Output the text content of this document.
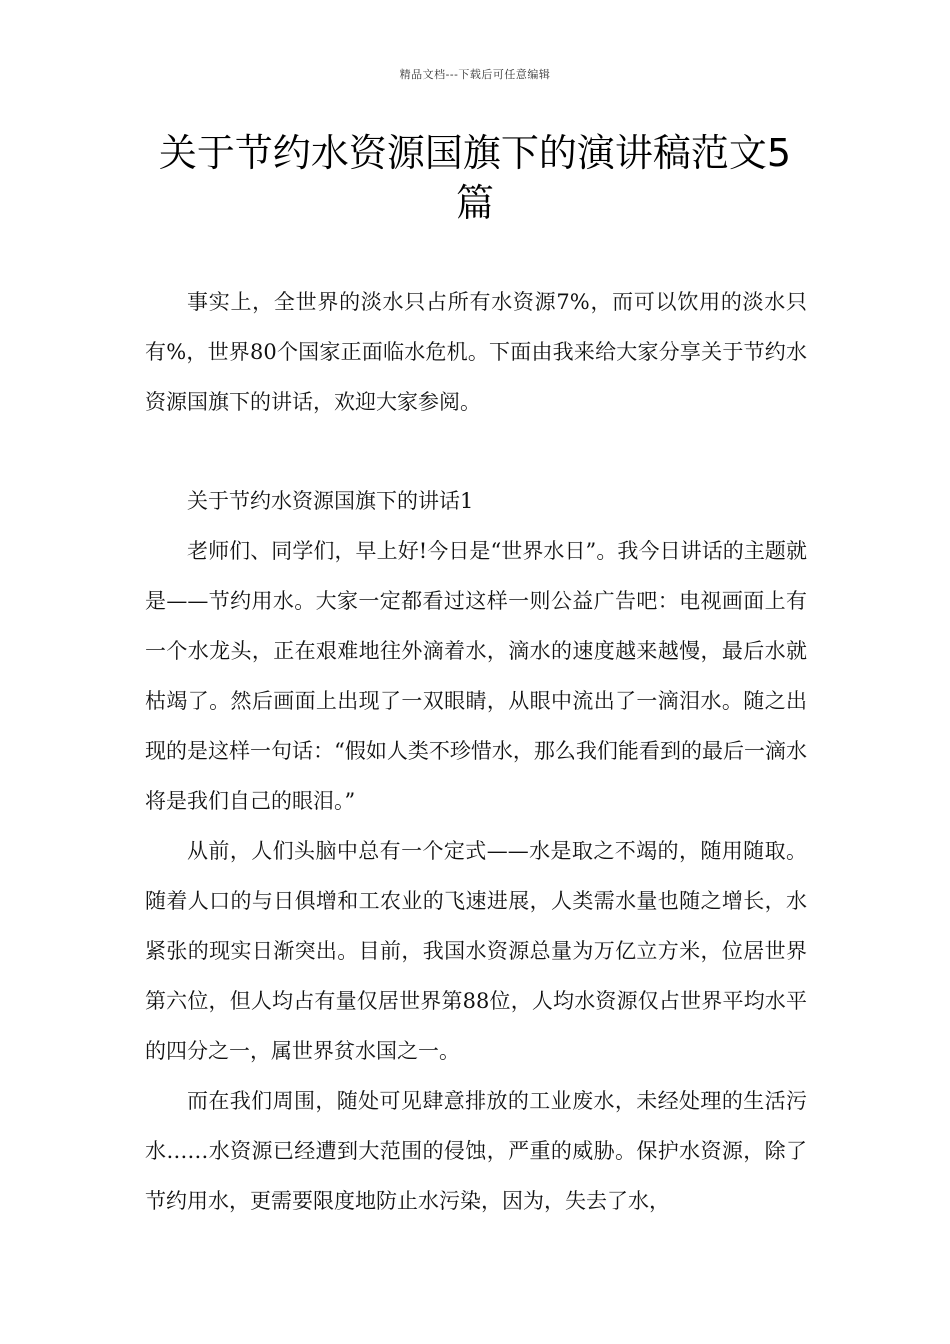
精品文档---下载后可任意编辑
关于节约水资源国旗下的演讲稿范文5篇

事实上，全世界的淡水只占所有水资源7%，而可以饮用的淡水只有%，世界80个国家正面临水危机。下面由我来给大家分享关于节约水资源国旗下的讲话，欢迎大家参阅。

关于节约水资源国旗下的讲话1

老师们、同学们，早上好!今日是“世界水日”。我今日讲话的主题就是——节约用水。大家一定都看过这样一则公益广告吧：电视画面上有一个水龙头，正在艰难地往外滴着水，滴水的速度越来越慢，最后水就枯竭了。然后画面上出现了一双眼睛，从眼中流出了一滴泪水。随之出现的是这样一句话：“假如人类不珍惜水，那么我们能看到的最后一滴水将是我们自己的眼泪。”

从前，人们头脑中总有一个定式——水是取之不竭的，随用随取。随着人口的与日俱增和工农业的飞速进展，人类需水量也随之增长，水紧张的现实日渐突出。目前，我国水资源总量为万亿立方米，位居世界第六位，但人均占有量仅居世界第88位，人均水资源仅占世界平均水平的四分之一，属世界贫水国之一。

而在我们周围，随处可见肆意排放的工业废水，未经处理的生活污水……水资源已经遭到大范围的侵蚀，严重的威胁。保护水资源，除了节约用水，更需要限度地防止水污染，因为，失去了水，
